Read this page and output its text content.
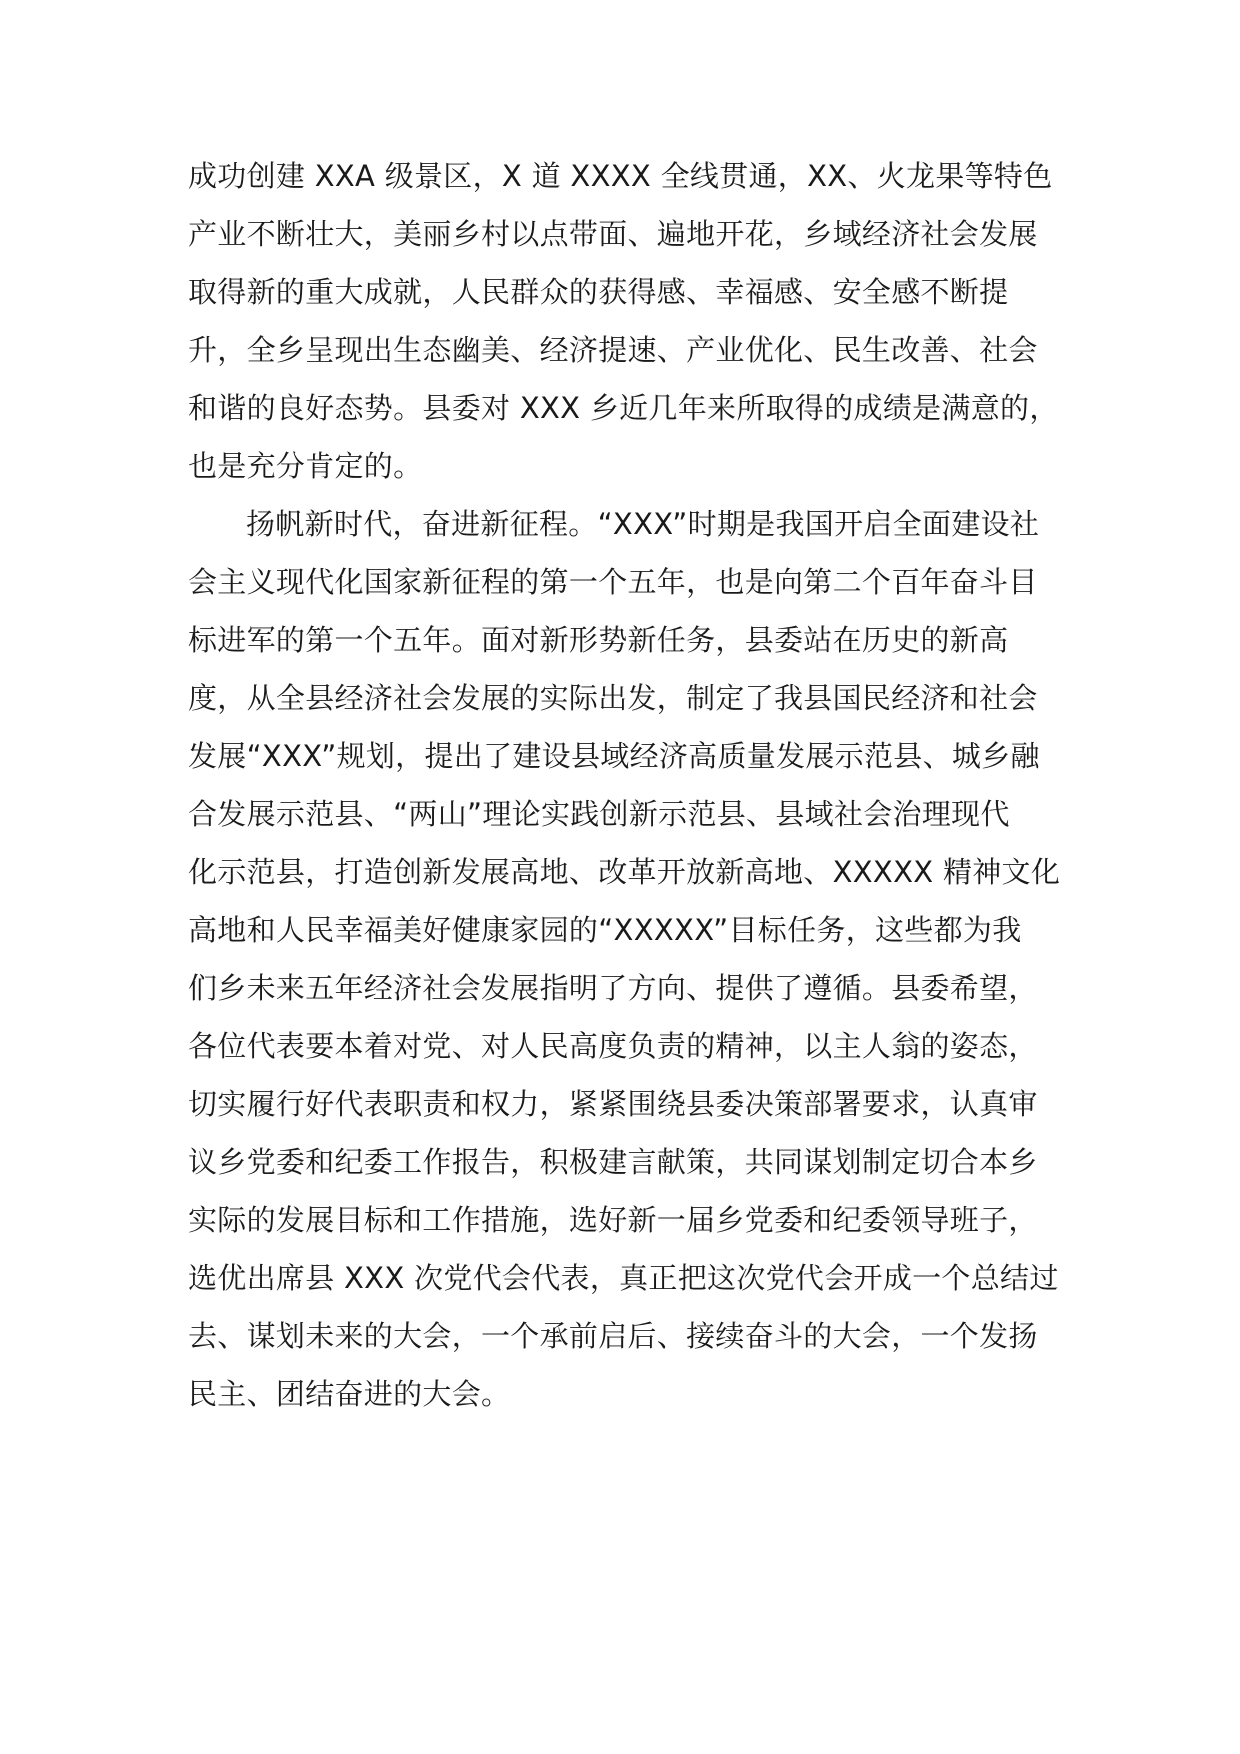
成功创建 XXA 级景区，X 道 XXXX 全线贯通，XX、火龙果等特色
产业不断壮大，美丽乡村以点带面、遍地开花，乡域经济社会发展
取得新的重大成就，人民群众的获得感、幸福感、安全感不断提
升，全乡呈现出生态幽美、经济提速、产业优化、民生改善、社会
和谐的良好态势。县委对 XXX 乡近几年来所取得的成绩是满意的，
也是充分肯定的。
扬帆新时代，奋进新征程。“XXX”时期是我国开启全面建设社
会主义现代化国家新征程的第一个五年，也是向第二个百年奋斗目
标进军的第一个五年。面对新形势新任务，县委站在历史的新高
度，从全县经济社会发展的实际出发，制定了我县国民经济和社会
发展“XXX”规划，提出了建设县域经济高质量发展示范县、城乡融
合发展示范县、“两山”理论实践创新示范县、县域社会治理现代
化示范县，打造创新发展高地、改革开放新高地、XXXXX 精神文化
高地和人民幸福美好健康家园的“XXXXX”目标任务，这些都为我
们乡未来五年经济社会发展指明了方向、提供了遵循。县委希望，
各位代表要本着对党、对人民高度负责的精神，以主人翁的姿态，
切实履行好代表职责和权力，紧紧围绕县委决策部署要求，认真审
议乡党委和纪委工作报告，积极建言献策，共同谋划制定切合本乡
实际的发展目标和工作措施，选好新一届乡党委和纪委领导班子，
选优出席县 XXX 次党代会代表，真正把这次党代会开成一个总结过
去、谋划未来的大会，一个承前启后、接续奋斗的大会，一个发扬
民主、团结奋进的大会。
